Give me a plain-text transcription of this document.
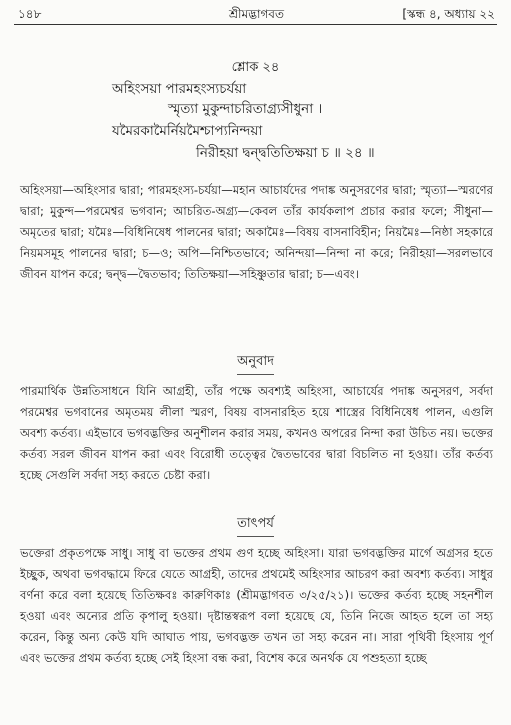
১৪৮	শ্রীমদ্ভাগবত	[স্কন্ধ ৪, অধ্যায় ২২
শ্লোক ২৪
অহিংসয়া পারমহংস্যচর্যয়া
স্মৃত্যা মুকুন্দাচরিতাগ্র্যসীধুনা ।
যমৈরকামৈর্নিয়মৈশ্চাপ্যনিন্দয়া
নিরীহয়া দ্বন্দ্বতিতিক্ষয়া চ ॥ ২৪ ॥
অহিংসয়া—অহিংসার দ্বারা; পারমহংস্য-চর্যয়া—মহান আচার্যদের পদাঙ্ক অনুসরণের দ্বারা; স্মৃত্যা—স্মরণের দ্বারা; মুকুন্দ—পরমেশ্বর ভগবান; আচরিত-অগ্র্য—কেবল তাঁর কার্যকলাপ প্রচার করার ফলে; সীধুনা—অমৃতের দ্বারা; যমৈঃ—বিধিনিষেধ পালনের দ্বারা; অকামৈঃ—বিষয় বাসনাবিহীন; নিয়মৈঃ—নিষ্ঠা সহকারে নিয়মসমূহ পালনের দ্বারা; চ—ও; অপি—নিশ্চিতভাবে; অনিন্দয়া—নিন্দা না করে; নিরীহয়া—সরলভাবে জীবন যাপন করে; দ্বন্দ্ব—দ্বৈতভাব; তিতিক্ষয়া—সহিষ্ণুতার দ্বারা; চ—এবং।
অনুবাদ
পারমার্থিক উন্নতিসাধনে যিনি আগ্রহী, তাঁর পক্ষে অবশ্যই অহিংসা, আচার্যের পদাঙ্ক অনুসরণ, সর্বদা পরমেশ্বর ভগবানের অমৃতময় লীলা স্মরণ, বিষয় বাসনারহিত হয়ে শাস্ত্রের বিধিনিষেধ পালন, এগুলি অবশ্য কর্তব্য। এইভাবে ভগবদ্ভক্তির অনুশীলন করার সময়, কখনও অপরের নিন্দা করা উচিত নয়। ভক্তের কর্তব্য সরল জীবন যাপন করা এবং বিরোধী তত্ত্বের দ্বৈতভাবের দ্বারা বিচলিত না হওয়া। তাঁর কর্তব্য হচ্ছে সেগুলি সর্বদা সহ্য করতে চেষ্টা করা।
তাৎপর্য
ভক্তেরা প্রকৃতপক্ষে সাধু। সাধু বা ভক্তের প্রথম গুণ হচ্ছে অহিংসা। যারা ভগবদ্ভক্তির মার্গে অগ্রসর হতে ইচ্ছুক, অথবা ভগবদ্ধামে ফিরে যেতে আগ্রহী, তাদের প্রথমেই অহিংসার আচরণ করা অবশ্য কর্তব্য। সাধুর বর্ণনা করে বলা হয়েছে তিতিক্ষবঃ কারুণিকাঃ (শ্রীমদ্ভাগবত ৩/২৫/২১)। ভক্তের কর্তব্য হচ্ছে সহনশীল হওয়া এবং অন্যের প্রতি কৃপালু হওয়া। দৃষ্টান্তস্বরূপ বলা হয়েছে যে, তিনি নিজে আহত হলে তা সহ্য করেন, কিন্তু অন্য কেউ যদি আঘাত পায়, ভগবদ্ভক্ত তখন তা সহ্য করেন না। সারা পৃথিবী হিংসায় পূর্ণ এবং ভক্তের প্রথম কর্তব্য হচ্ছে সেই হিংসা বন্ধ করা, বিশেষ করে অনর্থক যে পশুহত্যা হচ্ছে
